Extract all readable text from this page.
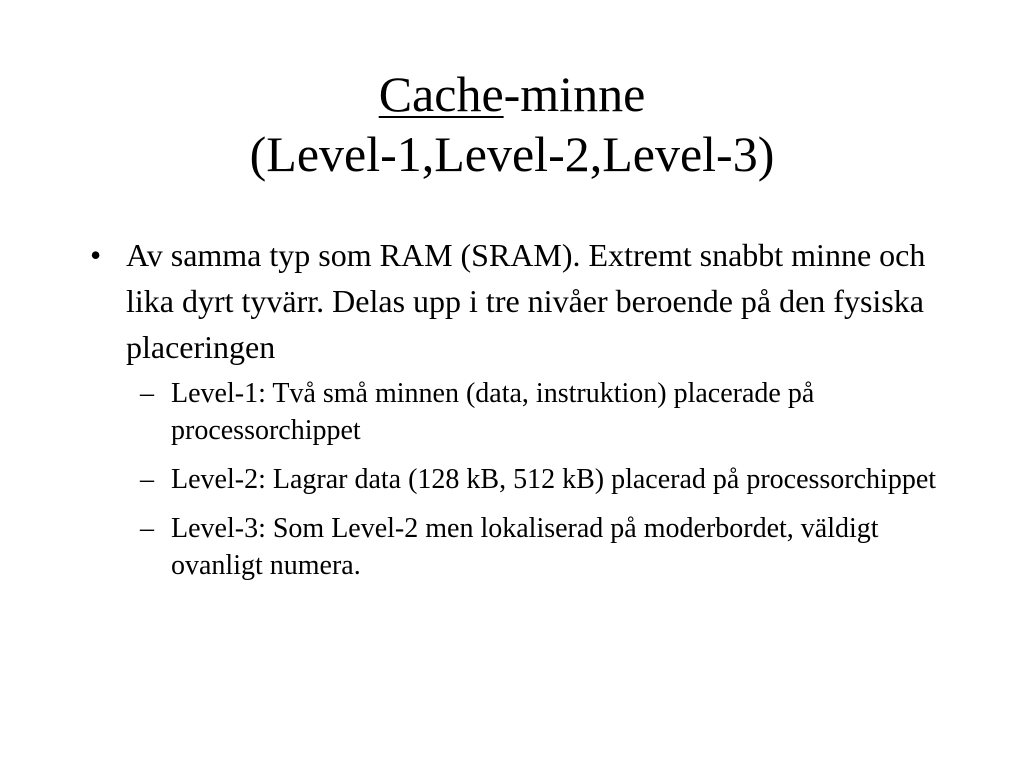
Cache-minne
(Level-1,Level-2,Level-3)
• Av samma typ som RAM (SRAM). Extremt snabbt minne och lika dyrt tyvärr. Delas upp i tre nivåer beroende på den fysiska placeringen
– Level-1: Två små minnen (data, instruktion) placerade på processorchippet
– Level-2: Lagrar data (128 kB, 512 kB) placerad på processorchippet
– Level-3: Som Level-2 men lokaliserad på moderbordet, väldigt ovanligt numera.
